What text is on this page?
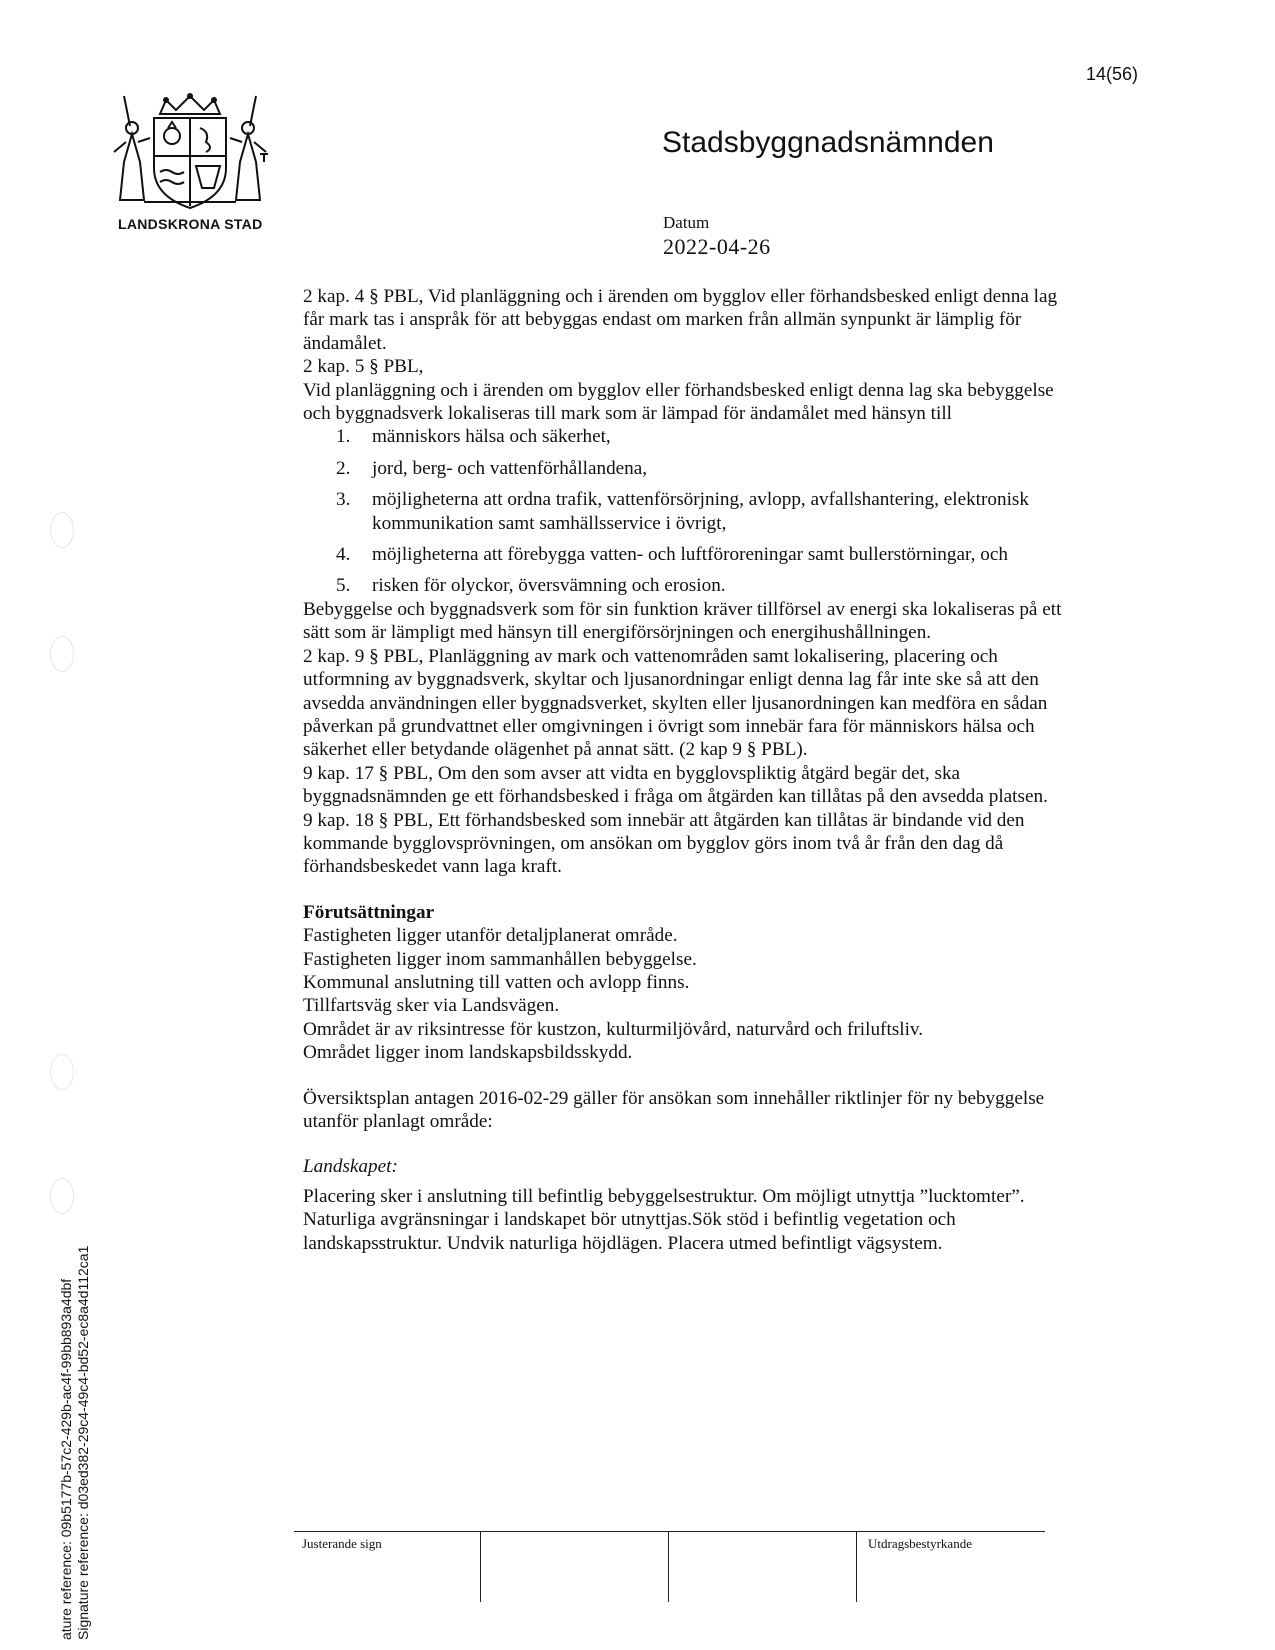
14(56)
LANDSKRONA STAD
Stadsbyggnadsnämnden
Datum
2022-04-26

2 kap. 4 § PBL, Vid planläggning och i ärenden om bygglov eller förhandsbesked enligt denna lag får mark tas i anspråk för att bebyggas endast om marken från allmän synpunkt är lämplig för ändamålet.

2 kap. 5 § PBL,

Vid planläggning och i ärenden om bygglov eller förhandsbesked enligt denna lag ska bebyggelse och byggnadsverk lokaliseras till mark som är lämpad för ändamålet med hänsyn till

1. människors hälsa och säkerhet,
2. jord, berg- och vattenförhållandena,
3. möjligheterna att ordna trafik, vattenförsörjning, avlopp, avfallshantering, elektronisk kommunikation samt samhällsservice i övrigt,
4. möjligheterna att förebygga vatten- och luftföroreningar samt bullerstörningar, och
5. risken för olyckor, översvämning och erosion.

Bebyggelse och byggnadsverk som för sin funktion kräver tillförsel av energi ska lokaliseras på ett sätt som är lämpligt med hänsyn till energiförsörjningen och energihushållningen.

2 kap. 9 § PBL, Planläggning av mark och vattenområden samt lokalisering, placering och utformning av byggnadsverk, skyltar och ljusanordningar enligt denna lag får inte ske så att den avsedda användningen eller byggnadsverket, skylten eller ljusanordningen kan medföra en sådan påverkan på grundvattnet eller omgivningen i övrigt som innebär fara för människors hälsa och säkerhet eller betydande olägenhet på annat sätt. (2 kap 9 § PBL).

9 kap. 17 § PBL, Om den som avser att vidta en bygglovspliktig åtgärd begär det, ska byggnadsnämnden ge ett förhandsbesked i fråga om åtgärden kan tillåtas på den avsedda platsen.

9 kap. 18 § PBL, Ett förhandsbesked som innebär att åtgärden kan tillåtas är bindande vid den kommande bygglovsprövningen, om ansökan om bygglov görs inom två år från den dag då förhandsbeskedet vann laga kraft.

Förutsättningar

Fastigheten ligger utanför detaljplanerat område.

Fastigheten ligger inom sammanhållen bebyggelse.

Kommunal anslutning till vatten och avlopp finns.

Tillfartsväg sker via Landsvägen.

Området är av riksintresse för kustzon, kulturmiljövård, naturvård och friluftsliv.

Området ligger inom landskapsbildsskydd.

Översiktsplan antagen 2016-02-29 gäller för ansökan som innehåller riktlinjer för ny bebyggelse utanför planlagt område:

Landskapet:

Placering sker i anslutning till befintlig bebyggelsestruktur. Om möjligt utnyttja ”lucktomter”. Naturliga avgränsningar i landskapet bör utnyttjas.Sök stöd i befintlig vegetation och landskapsstruktur. Undvik naturliga höjdlägen. Placera utmed befintligt vägsystem.

ature reference: 09b5177b-57c2-429b-ac4f-99bb893a4dbf Signature reference: d03ed382-29c4-49c4-bd52-ec8a4d112ca1	Justerande sign	Utdragsbestyrkande
